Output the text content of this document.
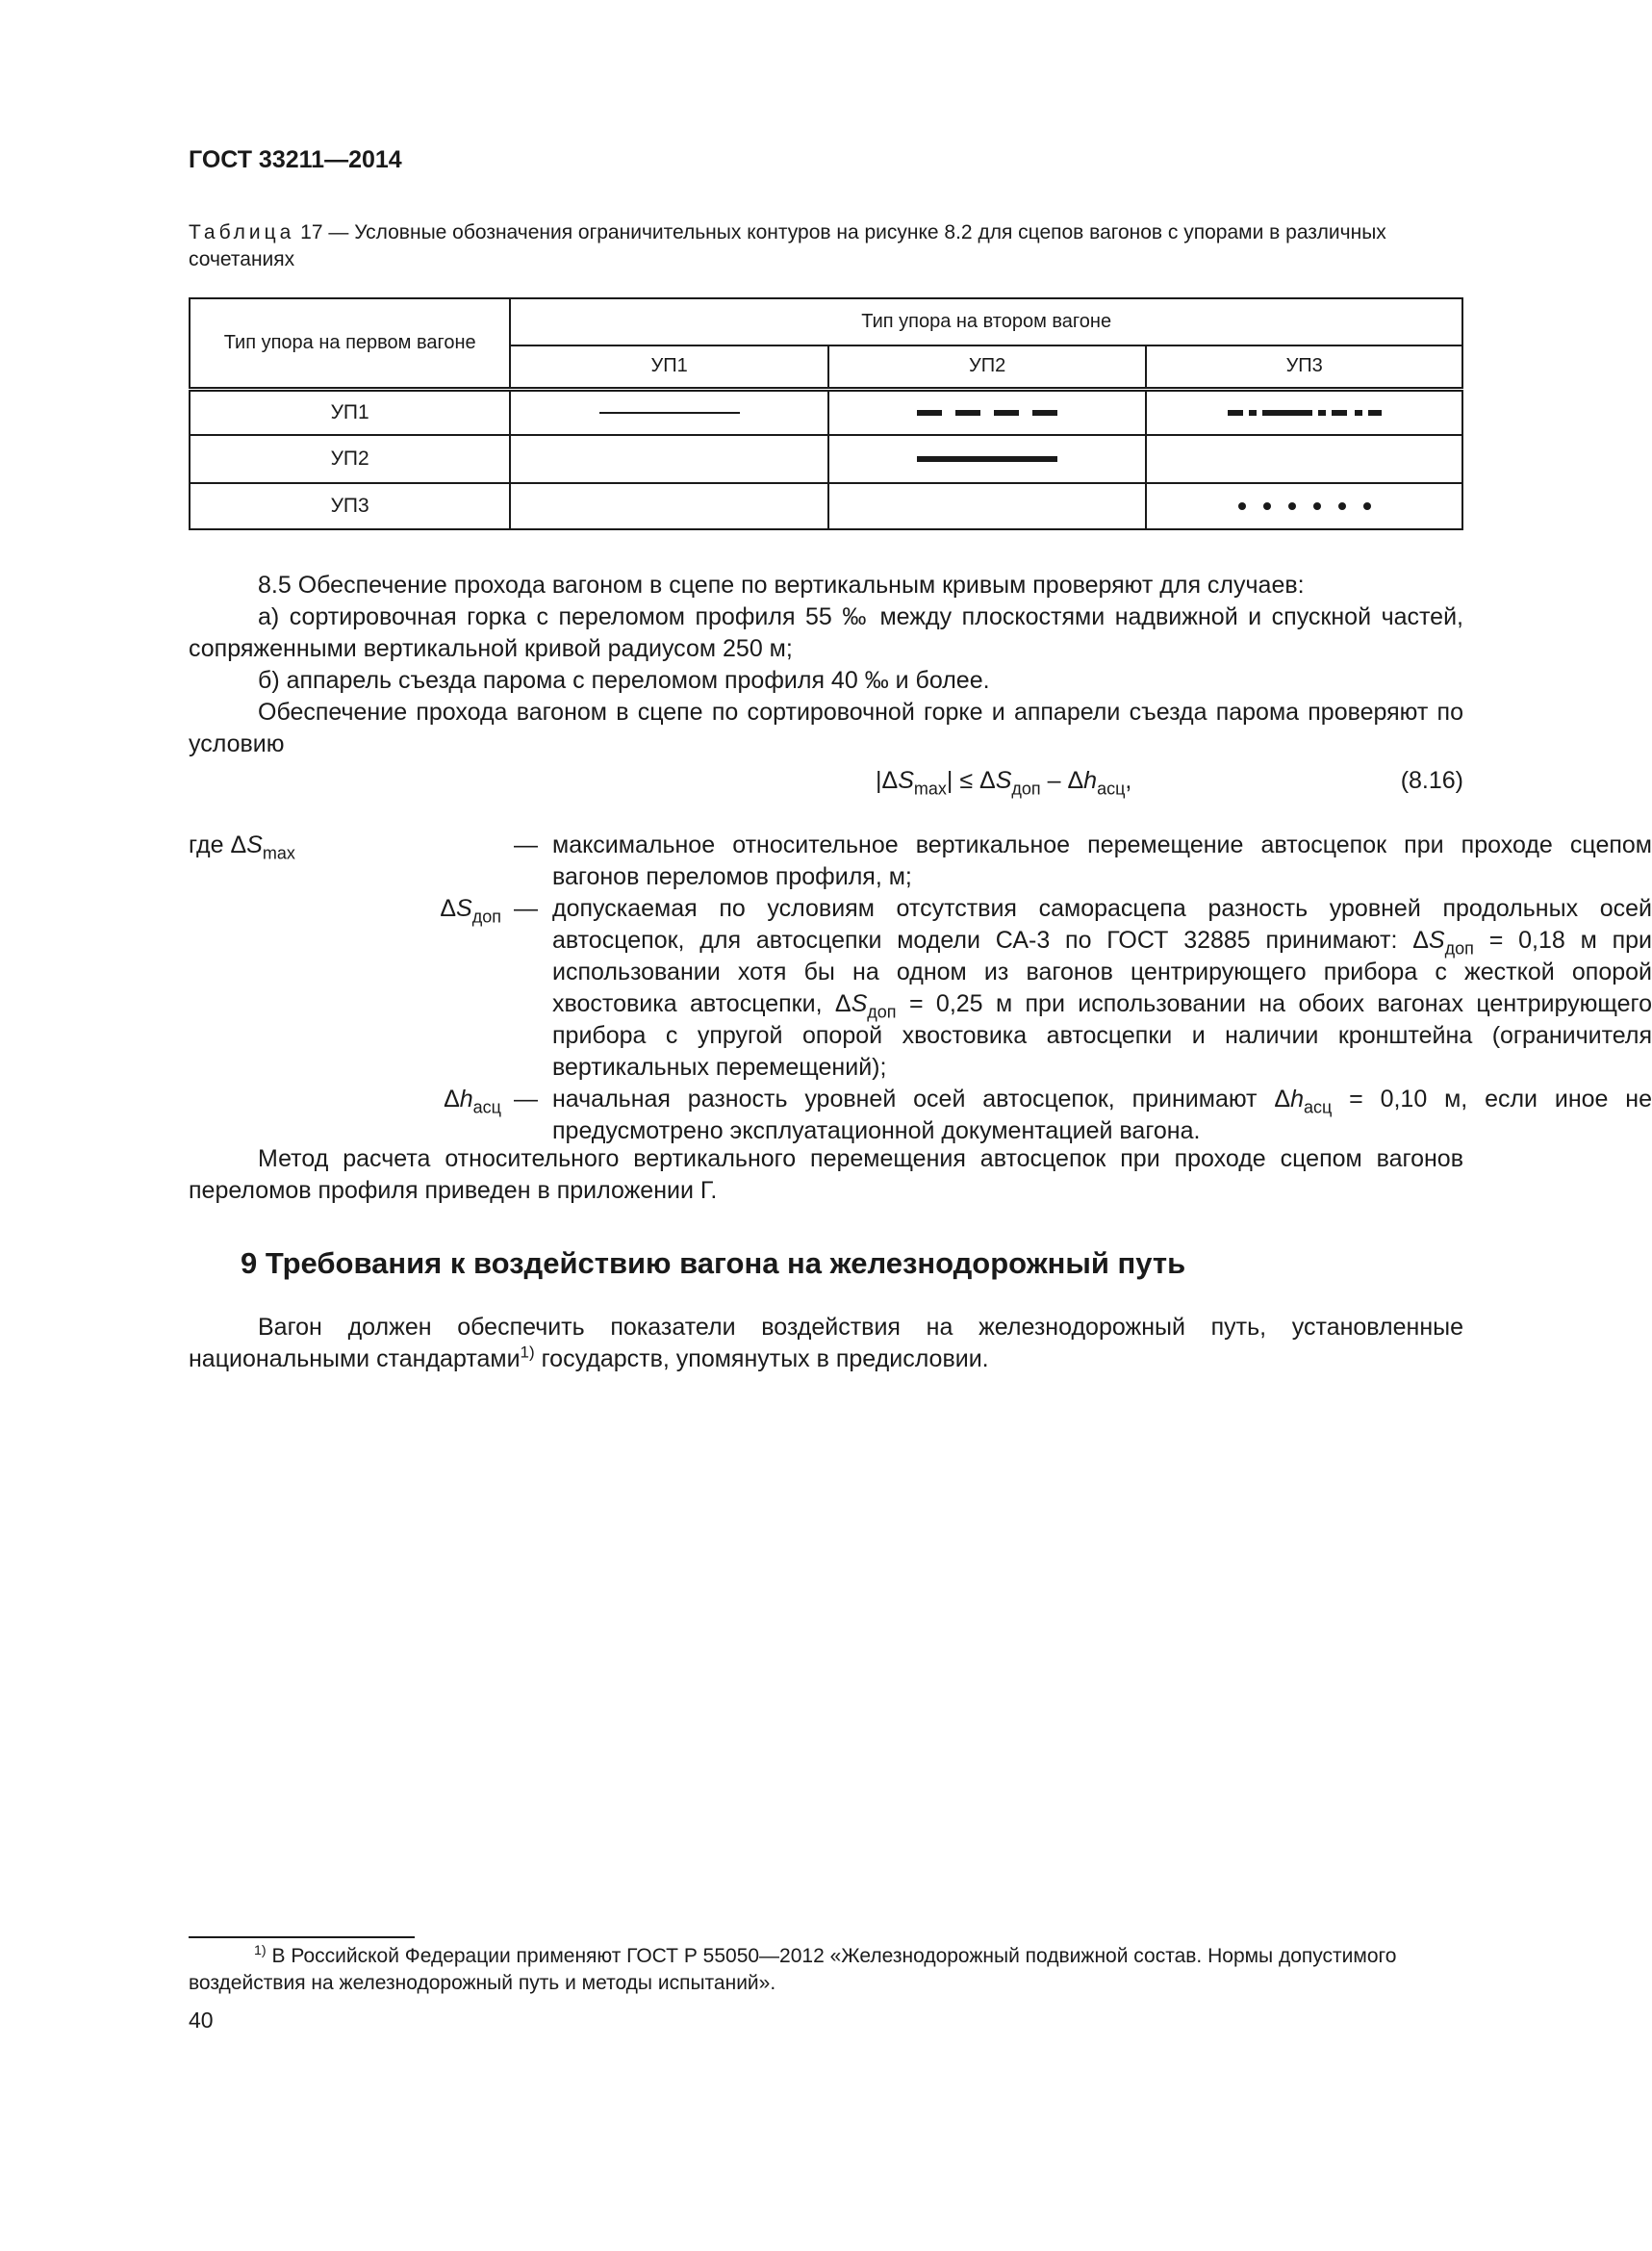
ГОСТ 33211—2014
Таблица 17 — Условные обозначения ограничительных контуров на рисунке 8.2 для сцепов вагонов с упорами в различных сочетаниях
Тип упора на первом вагоне	Тип упора на втором вагоне		
	УП1	УП2	УП3
УП1			
УП2			
УП3			
8.5 Обеспечение прохода вагоном в сцепе по вертикальным кривым проверяют для случаев:
а) сортировочная горка с переломом профиля 55 ‰ между плоскостями надвижной и спускной частей, сопряженными вертикальной кривой радиусом 250 м;
б) аппарель съезда парома с переломом профиля 40 ‰ и более.
Обеспечение прохода вагоном в сцепе по сортировочной горке и аппарели съезда парома проверяют по условию
$|\Delta S_{max}| \le \Delta S_{доп} - \Delta h_{асц}$,	(8.16)
где $\Delta S_{max}$	— максимальное относительное вертикальное перемещение автосцепок при проходе сцепом вагонов переломов профиля, м;
$\Delta S_{доп}$ — допускаемая по условиям отсутствия саморасцепа разность уровней продольных осей автосцепок, для автосцепки модели СА-3 по ГОСТ 32885 принимают: $\Delta S_{доп} = 0,18$ м при использовании хотя бы на одном из вагонов центрирующего прибора с жесткой опорой хвостовика автосцепки, $\Delta S_{доп} = 0,25$ м при использовании на обоих вагонах центрирующего прибора с упругой опорой хвостовика автосцепки и наличии кронштейна (ограничителя вертикальных перемещений);
$\Delta h_{асц}$ — начальная разность уровней осей автосцепок, принимают $\Delta h_{асц} = 0,10$ м, если иное не предусмотрено эксплуатационной документацией вагона.
Метод расчета относительного вертикального перемещения автосцепок при проходе сцепом вагонов переломов профиля приведен в приложении Г.
9 Требования к воздействию вагона на железнодорожный путь
Вагон должен обеспечить показатели воздействия на железнодорожный путь, установленные национальными стандартами$^{1)}$ государств, упомянутых в предисловии.
$^{1)}$ В Российской Федерации применяют ГОСТ Р 55050—2012 «Железнодорожный подвижной состав. Нормы допустимого воздействия на железнодорожный путь и методы испытаний».
40
